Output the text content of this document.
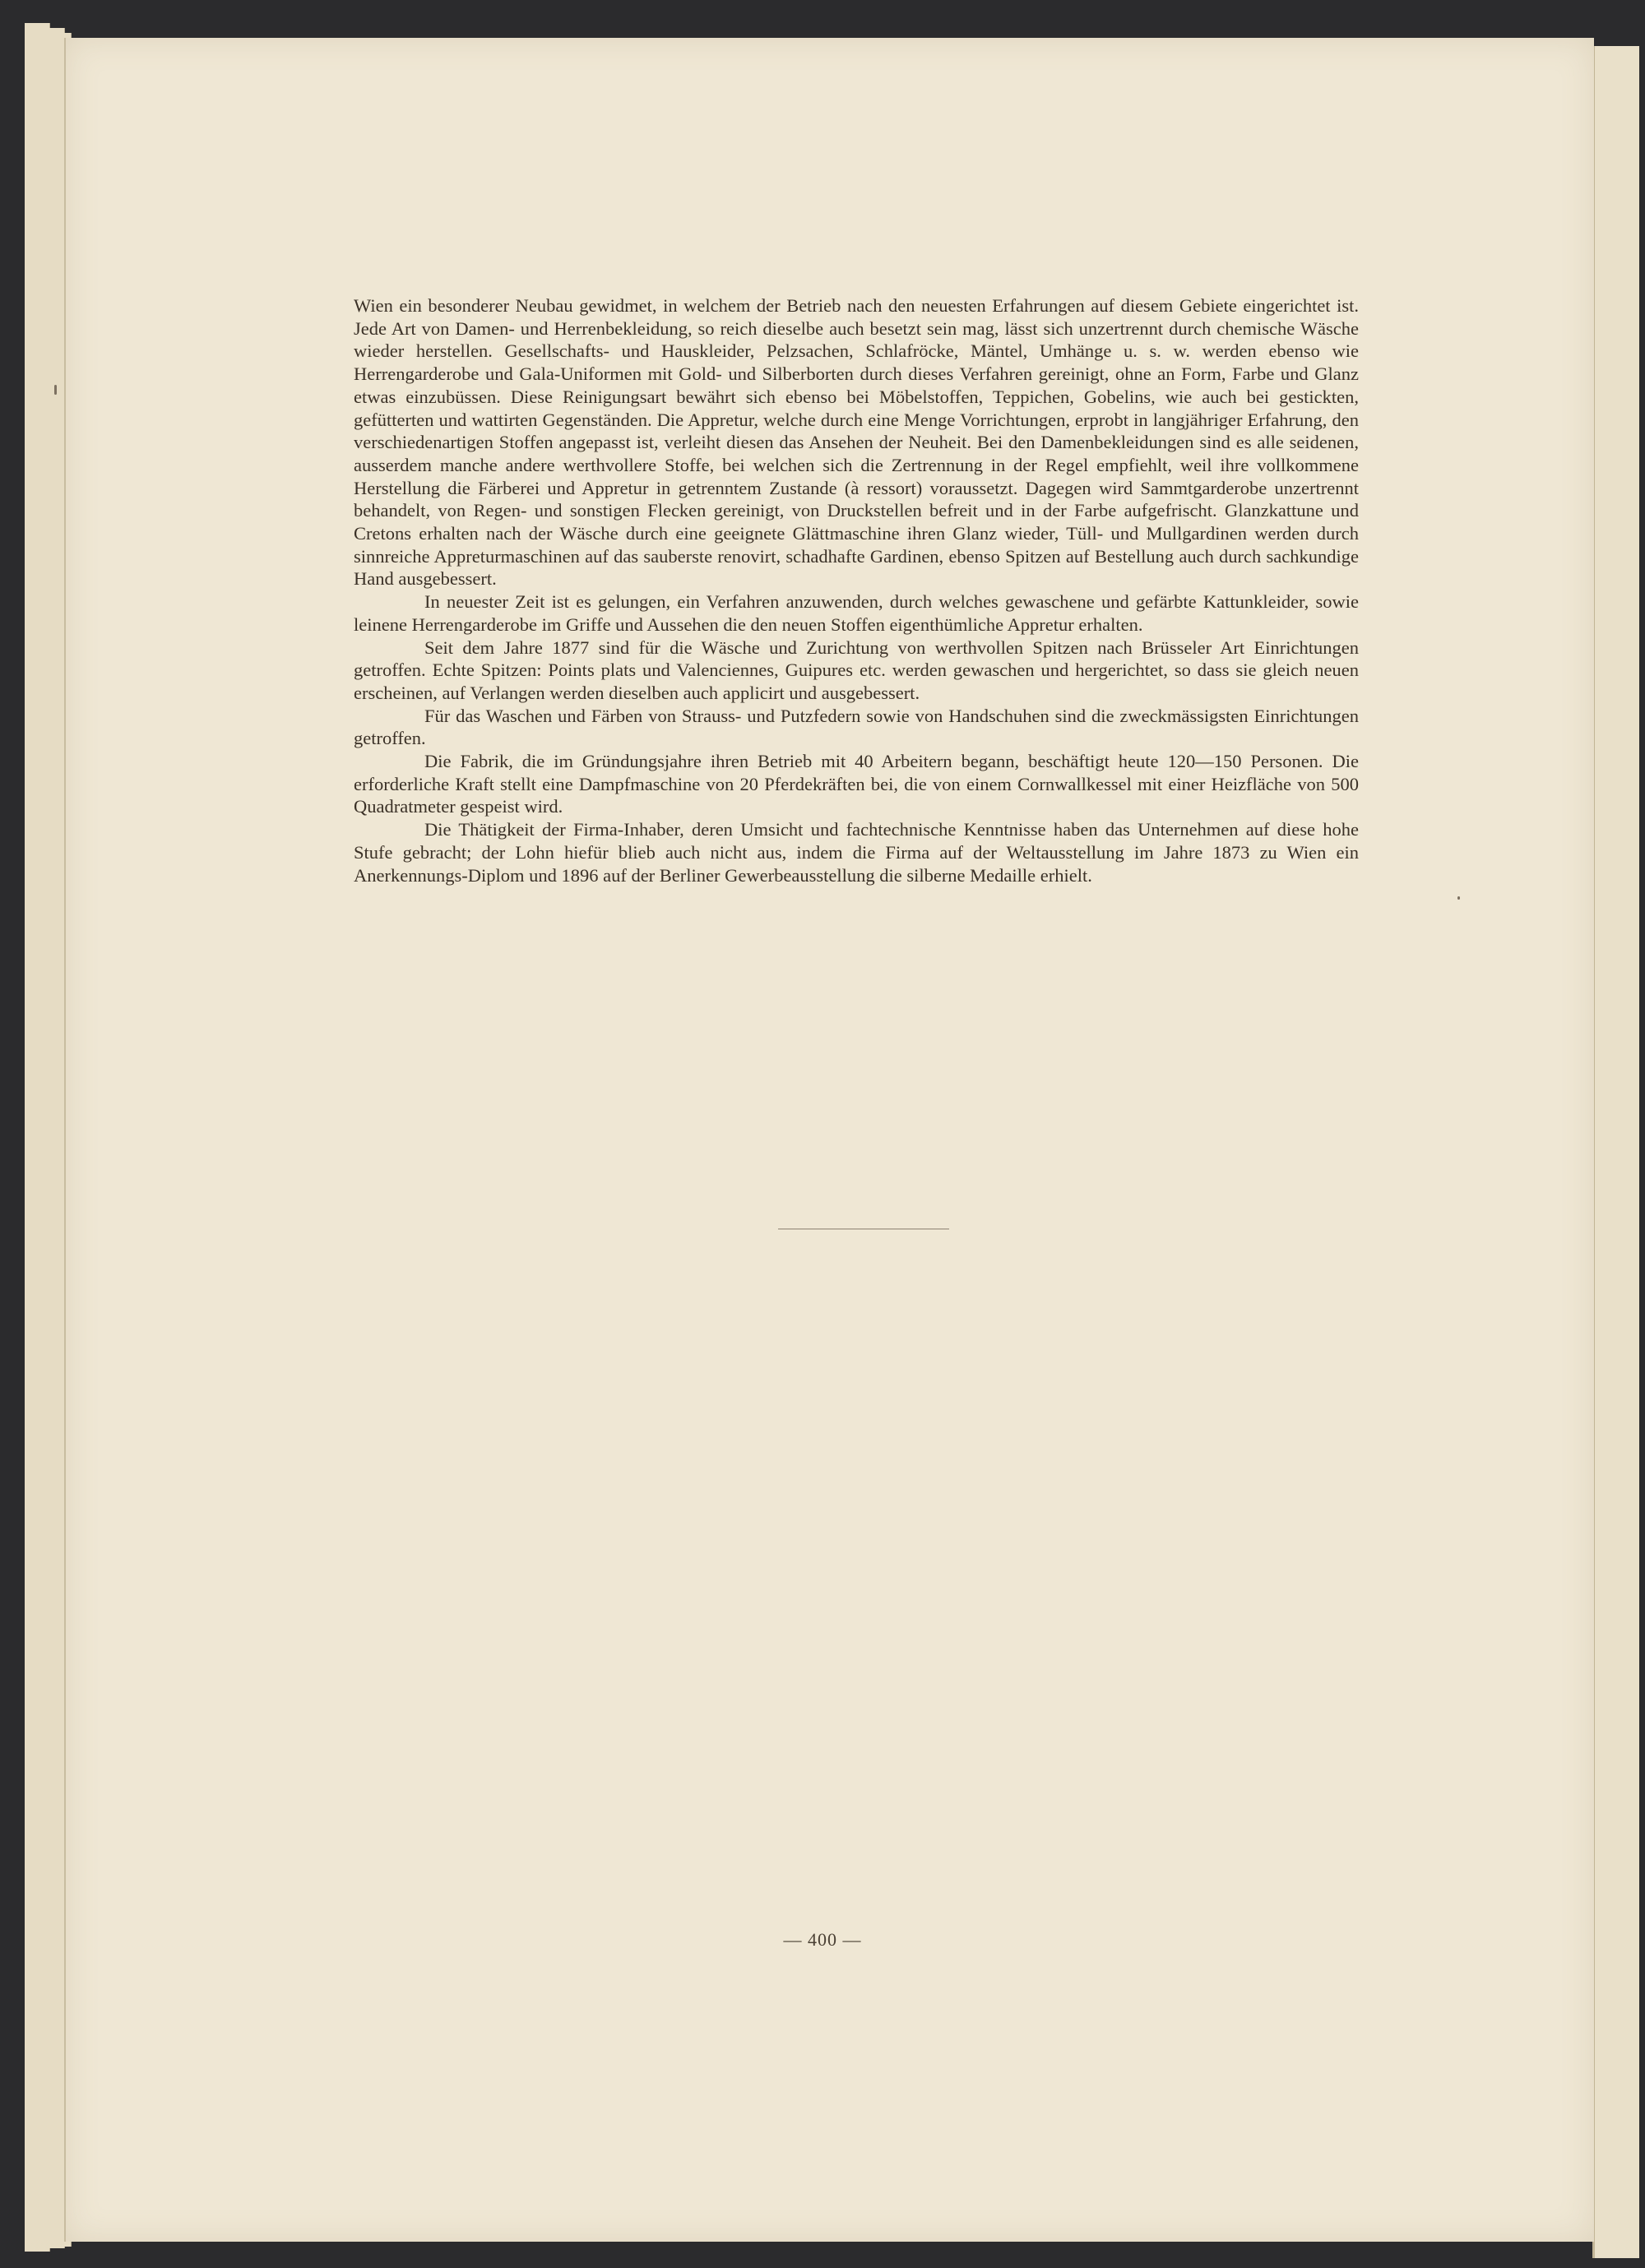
Wien ein besonderer Neubau gewidmet, in welchem der Betrieb nach den neuesten Erfahrungen auf diesem Gebiete eingerichtet ist. Jede Art von Damen- und Herrenbekleidung, so reich dieselbe auch besetzt sein mag, lässt sich unzertrennt durch chemische Wäsche wieder herstellen. Gesellschafts- und Hauskleider, Pelzsachen, Schlafröcke, Mäntel, Umhänge u. s. w. werden ebenso wie Herrengarderobe und Gala-Uniformen mit Gold- und Silberborten durch dieses Verfahren gereinigt, ohne an Form, Farbe und Glanz etwas einzubüssen. Diese Reinigungsart bewährt sich ebenso bei Möbelstoffen, Teppichen, Gobelins, wie auch bei gestickten, gefütterten und wattirten Gegenständen. Die Appretur, welche durch eine Menge Vorrichtungen, erprobt in langjähriger Erfahrung, den verschiedenartigen Stoffen angepasst ist, verleiht diesen das Ansehen der Neuheit. Bei den Damenbekleidungen sind es alle seidenen, ausserdem manche andere werthvollere Stoffe, bei welchen sich die Zertrennung in der Regel empfiehlt, weil ihre vollkommene Herstellung die Färberei und Appretur in getrenntem Zustande (à ressort) voraussetzt. Dagegen wird Sammtgarderobe unzertrennt behandelt, von Regen- und sonstigen Flecken gereinigt, von Druckstellen befreit und in der Farbe aufgefrischt. Glanzkattune und Cretons erhalten nach der Wäsche durch eine geeignete Glättmaschine ihren Glanz wieder, Tüll- und Mullgardinen werden durch sinnreiche Appreturmaschinen auf das sauberste renovirt, schadhafte Gardinen, ebenso Spitzen auf Bestellung auch durch sachkundige Hand ausgebessert.

In neuester Zeit ist es gelungen, ein Verfahren anzuwenden, durch welches gewaschene und gefärbte Kattunkleider, sowie leinene Herrengarderobe im Griffe und Aussehen die den neuen Stoffen eigenthümliche Appretur erhalten.

Seit dem Jahre 1877 sind für die Wäsche und Zurichtung von werthvollen Spitzen nach Brüsseler Art Einrichtungen getroffen. Echte Spitzen: Points plats und Valenciennes, Guipures etc. werden gewaschen und hergerichtet, so dass sie gleich neuen erscheinen, auf Verlangen werden dieselben auch applicirt und ausgebessert.

Für das Waschen und Färben von Strauss- und Putzfedern sowie von Handschuhen sind die zweckmässigsten Einrichtungen getroffen.

Die Fabrik, die im Gründungsjahre ihren Betrieb mit 40 Arbeitern begann, beschäftigt heute 120—150 Personen. Die erforderliche Kraft stellt eine Dampfmaschine von 20 Pferdekräften bei, die von einem Cornwallkessel mit einer Heizfläche von 500 Quadratmeter gespeist wird.

Die Thätigkeit der Firma-Inhaber, deren Umsicht und fachtechnische Kenntnisse haben das Unternehmen auf diese hohe Stufe gebracht; der Lohn hiefür blieb auch nicht aus, indem die Firma auf der Weltausstellung im Jahre 1873 zu Wien ein Anerkennungs-Diplom und 1896 auf der Berliner Gewerbeausstellung die silberne Medaille erhielt.

— 400 —
